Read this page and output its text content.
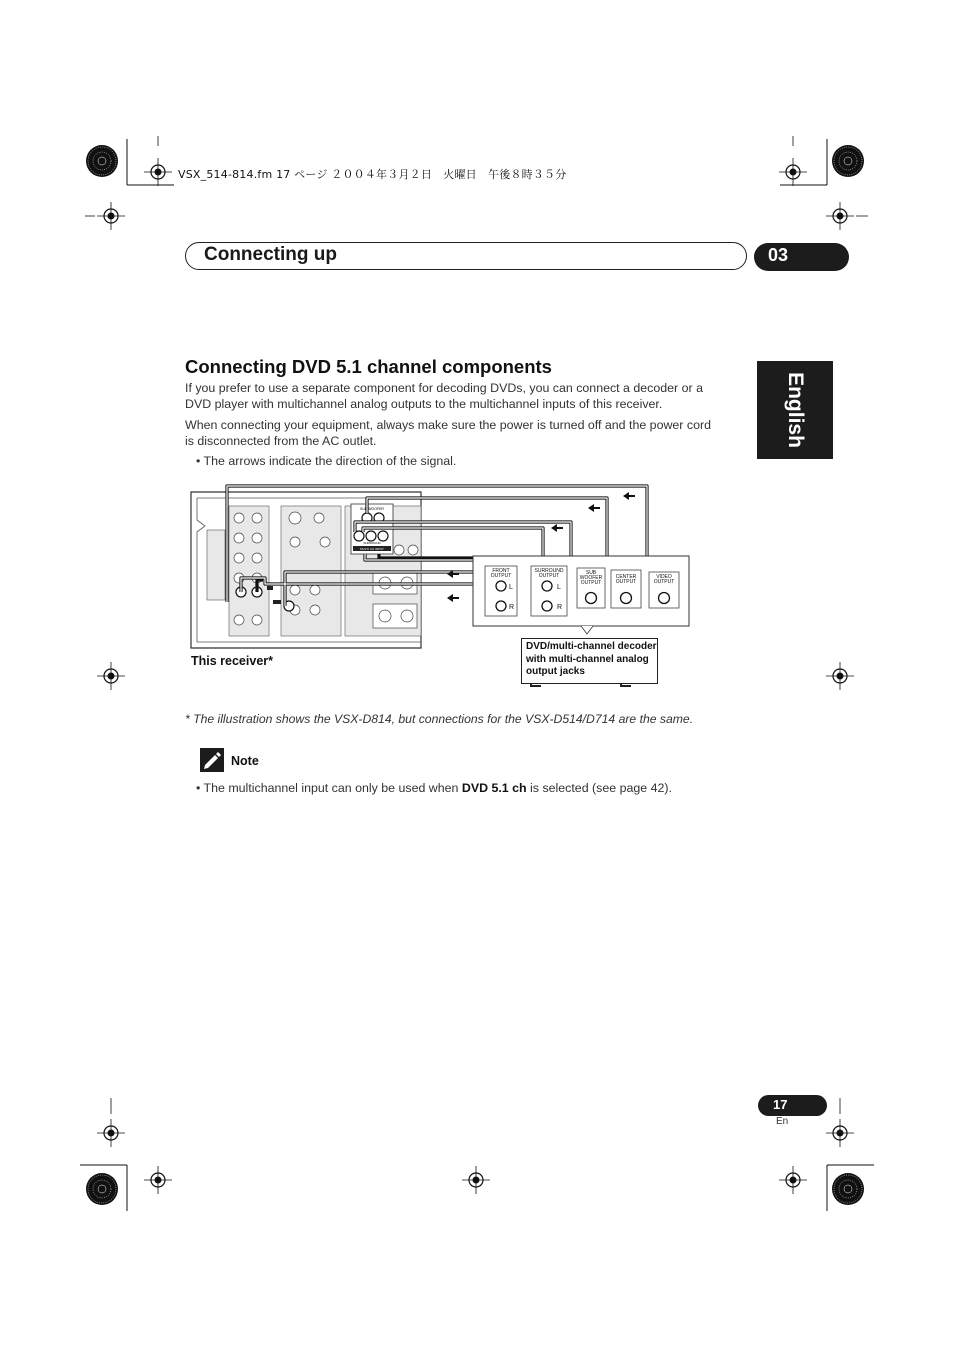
VSX_514-814.fm 17 ページ ２００４年３月２日　火曜日　午後８時３５分
Connecting up	03
English
Connecting DVD 5.1 channel components
If you prefer to use a separate component for decoding DVDs, you can connect a decoder or a
DVD player with multichannel analog outputs to the multichannel inputs of this receiver.
When connecting your equipment, always make sure the power is turned off and the power cord
is disconnected from the AC outlet.
• The arrows indicate the direction of the signal.
SUB WOOFER
MULTI CH INPUT
SURROUND
FRONT
OUTPUT
SURROUND
OUTPUT	SUB
WOOFER
OUTPUT
CENTER
OUTPUT
VIDEO
OUTPUT
L
R
L
R
This receiver*
DVD/multi-channel decoder
with multi-channel analog
output jacks
* The illustration shows the VSX-D814, but connections for the VSX-D514/D714 are the same.
Note
• The multichannel input can only be used when DVD 5.1 ch is selected (see page 42).
17
En
